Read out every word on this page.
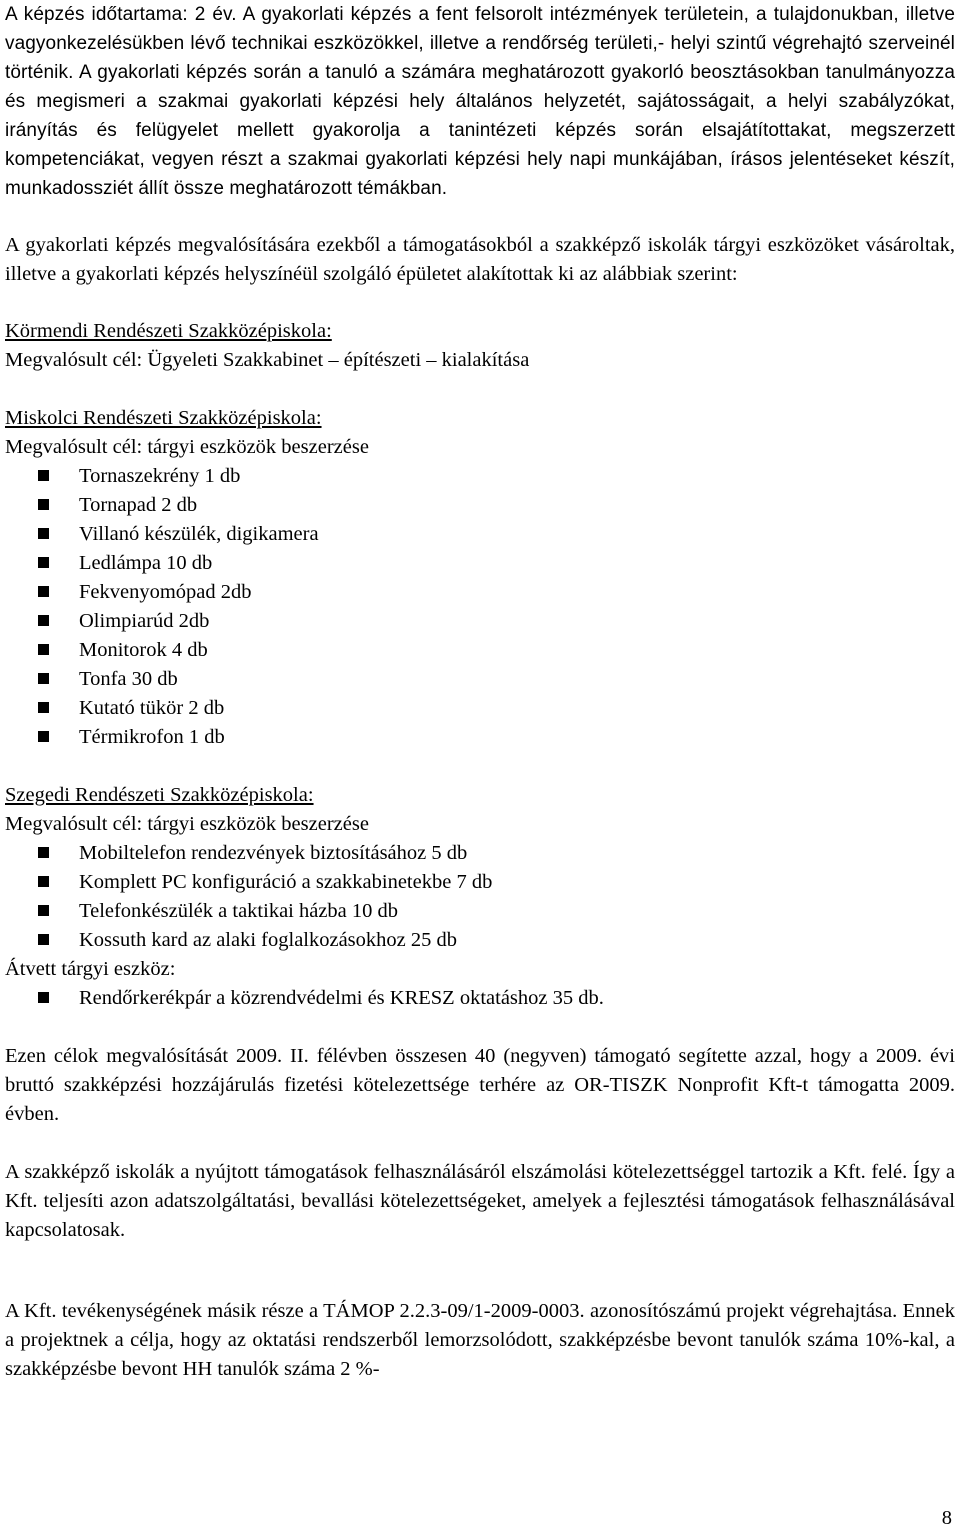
A képzés időtartama: 2 év. A gyakorlati képzés a fent felsorolt intézmények területein, a tulajdonukban, illetve vagyonkezelésükben lévő technikai eszközökkel, illetve a rendőrség területi,- helyi szintű végrehajtó szerveinél történik. A gyakorlati képzés során a tanuló a számára meghatározott gyakorló beosztásokban tanulmányozza és megismeri a szakmai gyakorlati képzési hely általános helyzetét, sajátosságait, a helyi szabályzókat, irányítás és felügyelet mellett gyakorolja a tanintézeti képzés során elsajátítottakat, megszerzett kompetenciákat, vegyen részt a szakmai gyakorlati képzési hely napi munkájában, írásos jelentéseket készít, munkadossziét állít össze meghatározott témákban.

A gyakorlati képzés megvalósítására ezekből a támogatásokból a szakképző iskolák tárgyi eszközöket vásároltak, illetve a gyakorlati képzés helyszínéül szolgáló épületet alakítottak ki az alábbiak szerint:

Körmendi Rendészeti Szakközépiskola:
Megvalósult cél: Ügyeleti Szakkabinet – építészeti – kialakítása
Miskolci Rendészeti Szakközépiskola:
Megvalósult cél: tárgyi eszközök beszerzése
Tornaszekrény 1 db
Tornapad 2 db
Villanó készülék, digikamera
Ledlámpa 10 db
Fekvenyomópad 2db
Olimpiarúd 2db
Monitorok 4 db
Tonfa 30 db
Kutató tükör 2 db
Térmikrofon 1 db
Szegedi Rendészeti Szakközépiskola:
Megvalósult cél: tárgyi eszközök beszerzése
Mobiltelefon rendezvények biztosításához 5 db
Komplett PC konfiguráció a szakkabinetekbe 7 db
Telefonkészülék a taktikai házba 10 db
Kossuth kard az alaki foglalkozásokhoz 25 db
Átvett tárgyi eszköz:
Rendőrkerékpár a közrendvédelmi és KRESZ oktatáshoz 35 db.

Ezen célok megvalósítását 2009. II. félévben összesen 40 (negyven) támogató segítette azzal, hogy a 2009. évi bruttó szakképzési hozzájárulás fizetési kötelezettsége terhére az OR-TISZK Nonprofit Kft-t támogatta 2009. évben.

A szakképző iskolák a nyújtott támogatások felhasználásáról elszámolási kötelezettséggel tartozik a Kft. felé. Így a Kft. teljesíti azon adatszolgáltatási, bevallási kötelezettségeket, amelyek a fejlesztési támogatások felhasználásával kapcsolatosak.

A Kft. tevékenységének másik része a TÁMOP 2.2.3-09/1-2009-0003. azonosítószámú projekt végrehajtása. Ennek a projektnek a célja, hogy az oktatási rendszerből lemorzsolódott, szakképzésbe bevont tanulók száma 10%-kal, a szakképzésbe bevont HH tanulók száma 2 %-

8
